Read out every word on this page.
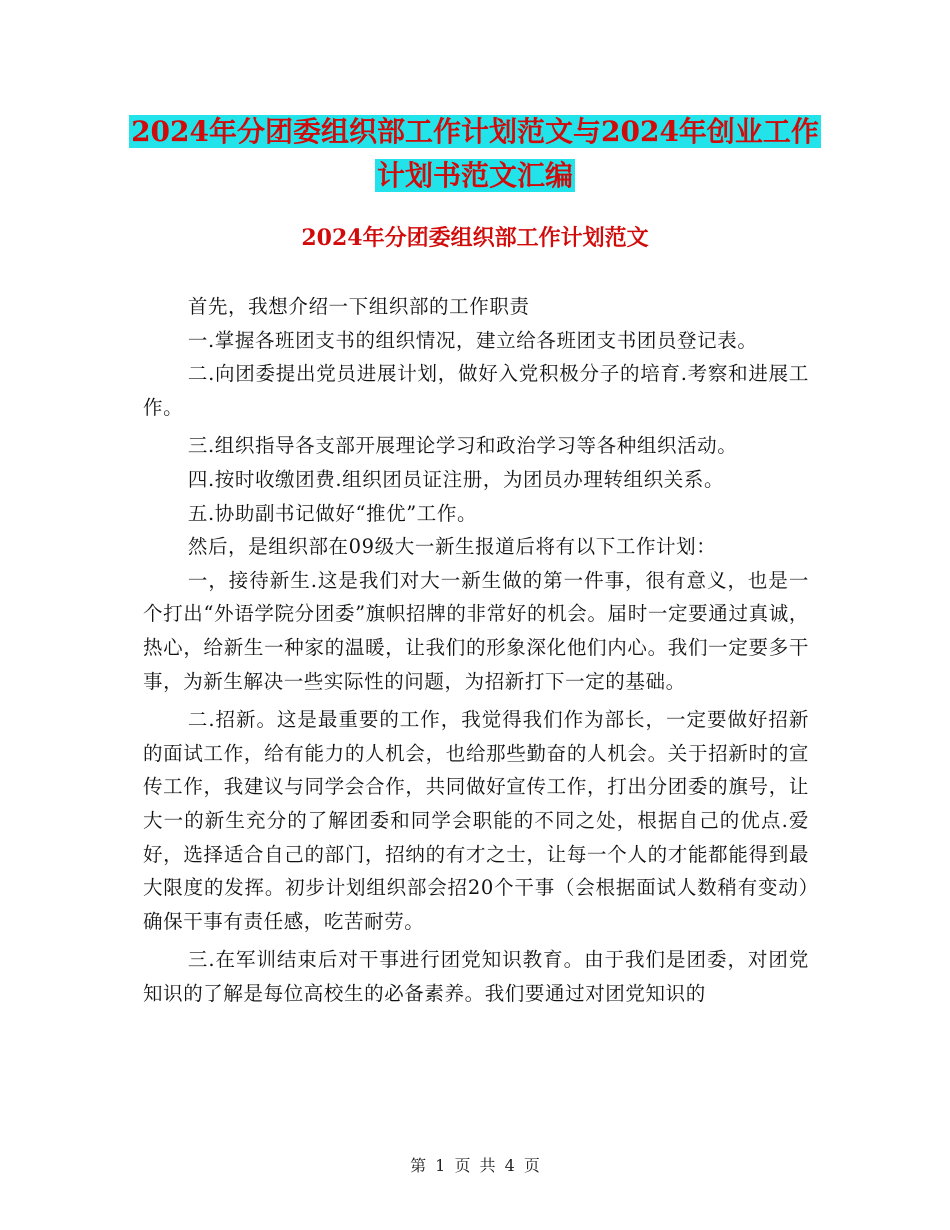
2024年分团委组织部工作计划范文与2024年创业工作
计划书范文汇编
2024年分团委组织部工作计划范文

首先，我想介绍一下组织部的工作职责

一.掌握各班团支书的组织情况，建立给各班团支书团员登记表。

二.向团委提出党员进展计划，做好入党积极分子的培育.考察和进展工作。

三.组织指导各支部开展理论学习和政治学习等各种组织活动。

四.按时收缴团费.组织团员证注册，为团员办理转组织关系。

五.协助副书记做好“推优”工作。

然后，是组织部在09级大一新生报道后将有以下工作计划：

一，接待新生.这是我们对大一新生做的第一件事，很有意义，也是一个打出“外语学院分团委”旗帜招牌的非常好的机会。届时一定要通过真诚，热心，给新生一种家的温暖，让我们的形象深化他们内心。我们一定要多干事，为新生解决一些实际性的问题，为招新打下一定的基础。

二.招新。这是最重要的工作，我觉得我们作为部长，一定要做好招新的面试工作，给有能力的人机会，也给那些勤奋的人机会。关于招新时的宣传工作，我建议与同学会合作，共同做好宣传工作，打出分团委的旗号，让大一的新生充分的了解团委和同学会职能的不同之处，根据自己的优点.爱好，选择适合自己的部门，招纳的有才之士，让每一个人的才能都能得到最大限度的发挥。初步计划组织部会招20个干事（会根据面试人数稍有变动）确保干事有责任感，吃苦耐劳。

三.在军训结束后对干事进行团党知识教育。由于我们是团委，对团党知识的了解是每位高校生的必备素养。我们要通过对团党知识的

第 1 页 共 4 页
